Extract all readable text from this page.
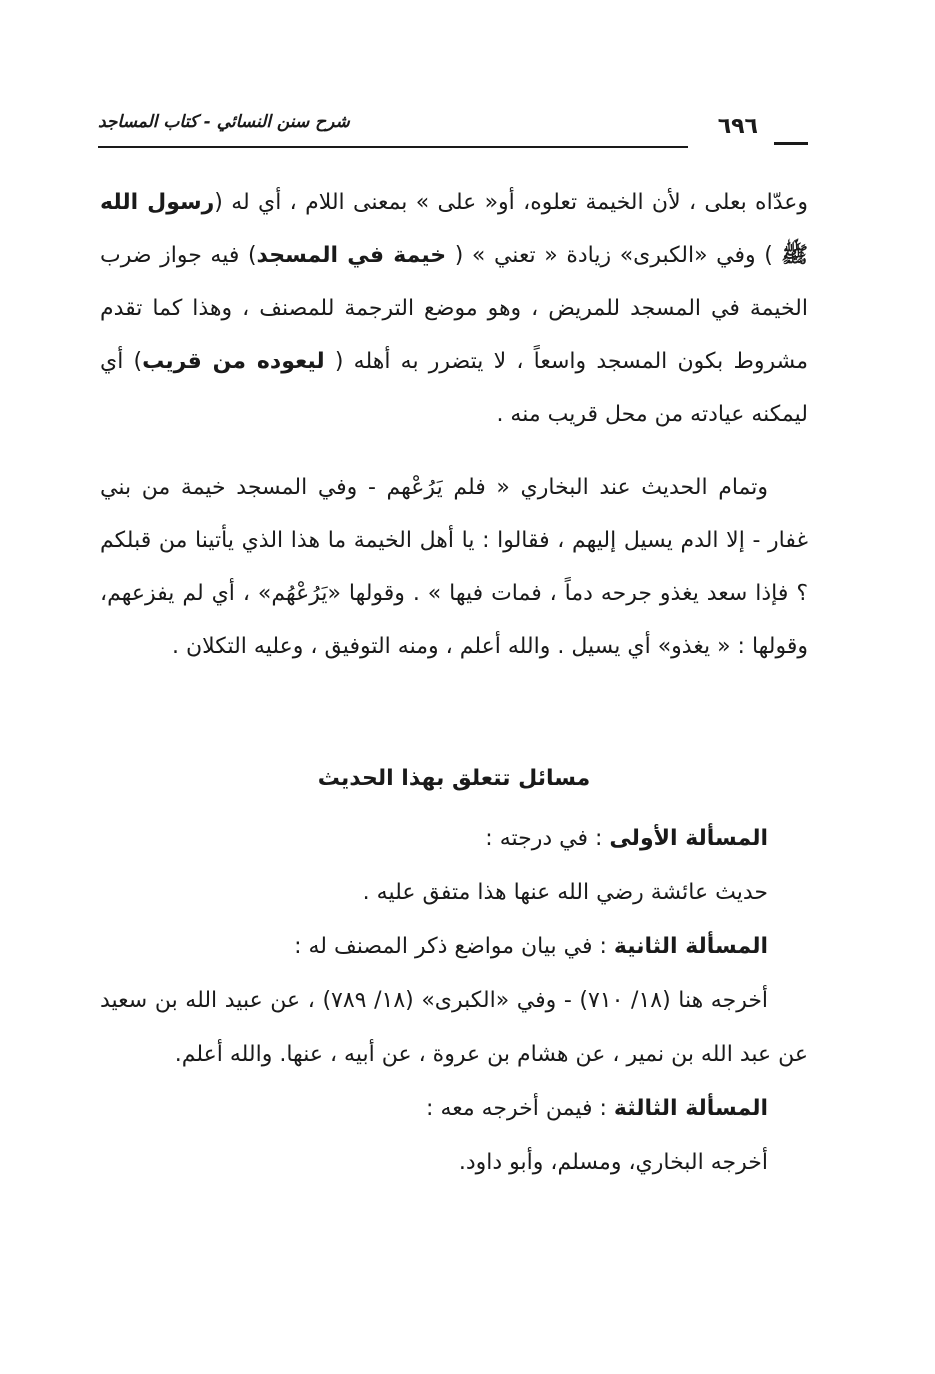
شرح سنن النسائي - كتاب المساجد	٦٩٦

وعدّاه بعلى ، لأن الخيمة تعلوه، أو« على » بمعنى اللام ، أي له (رسول الله ﷺ ) وفي «الكبرى» زيادة « تعني » ( خيمة في المسجد) فيه جواز ضرب الخيمة في المسجد للمريض ، وهو موضع الترجمة للمصنف ، وهذا كما تقدم مشروط بكون المسجد واسعاً ، لا يتضرر به أهله ( ليعوده من قريب) أي ليمكنه عيادته من محل قريب منه .

وتمام الحديث عند البخاري « فلم يَرُعْهم - وفي المسجد خيمة من بني غفار - إلا الدم يسيل إليهم ، فقالوا : يا أهل الخيمة ما هذا الذي يأتينا من قبلكم ؟ فإذا سعد يغذو جرحه دماً ، فمات فيها » . وقولها «يَرُعْهُم» ، أي لم يفزعهم، وقولها : « يغذو» أي يسيل . والله أعلم ، ومنه التوفيق ، وعليه التكلان .

مسائل تتعلق بهذا الحديث

المسألة الأولى : في درجته :

حديث عائشة رضي الله عنها هذا متفق عليه .

المسألة الثانية : في بيان مواضع ذكر المصنف له :

أخرجه هنا (١٨/ ٧١٠) - وفي «الكبرى» (١٨/ ٧٨٩) ، عن عبيد الله بن سعيد عن عبد الله بن نمير ، عن هشام بن عروة ، عن أبيه ، عنها. والله أعلم.

المسألة الثالثة : فيمن أخرجه معه :

أخرجه البخاري، ومسلم، وأبو داود.
